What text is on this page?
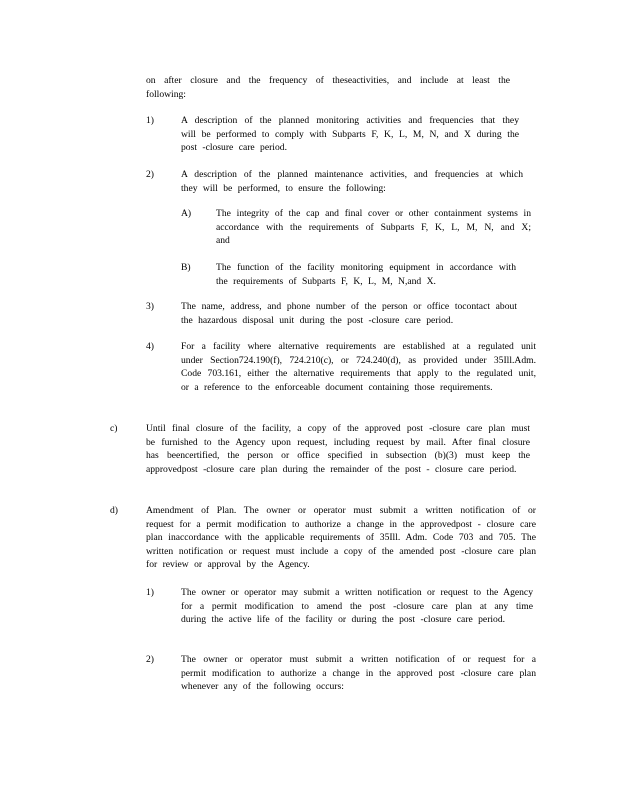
on after closure and the frequency of theseactivities, and include at least the following:

1)	A description of the planned monitoring activities and frequencies that they will be performed to comply with Subparts F, K, L, M, N, and X during the post -closure care period.

2)	A description of the planned maintenance activities, and frequencies at which they will be performed, to ensure the following:

A)	The integrity of the cap and final cover or other containment systems in accordance with the requirements of Subparts F, K, L, M, N, and X; and

B)	The function of the facility monitoring equipment in accordance with the requirements of Subparts F, K, L, M, N,and X.

3)	The name, address, and phone number of the person or office tocontact about the hazardous disposal unit during the post -closure care period.

4)	For a facility where alternative requirements are established at a regulated unit under Section724.190(f), 724.210(c), or 724.240(d), as provided under 35Ill.Adm. Code 703.161, either the alternative requirements that apply to the regulated unit, or a reference to the enforceable document containing those requirements.

c)	Until final closure of the facility, a copy of the approved post -closure care plan must be furnished to the Agency upon request, including request by mail. After final closure has beencertified, the person or office specified in subsection (b)(3) must keep the approvedpost -closure care plan during the remainder of the post - closure care period.

d)	Amendment of Plan. The owner or operator must submit a written notification of or request for a permit modification to authorize a change in the approvedpost - closure care plan inaccordance with the applicable requirements of 35Ill. Adm. Code 703 and 705. The written notification or request must include a copy of the amended post -closure care plan for review or approval by the Agency.

1)	The owner or operator may submit a written notification or request to the Agency for a permit modification to amend the post -closure care plan at any time during the active life of the facility or during the post -closure care period.

2)	The owner or operator must submit a written notification of or request for a permit modification to authorize a change in the approved post -closure care plan whenever any of the following occurs:
